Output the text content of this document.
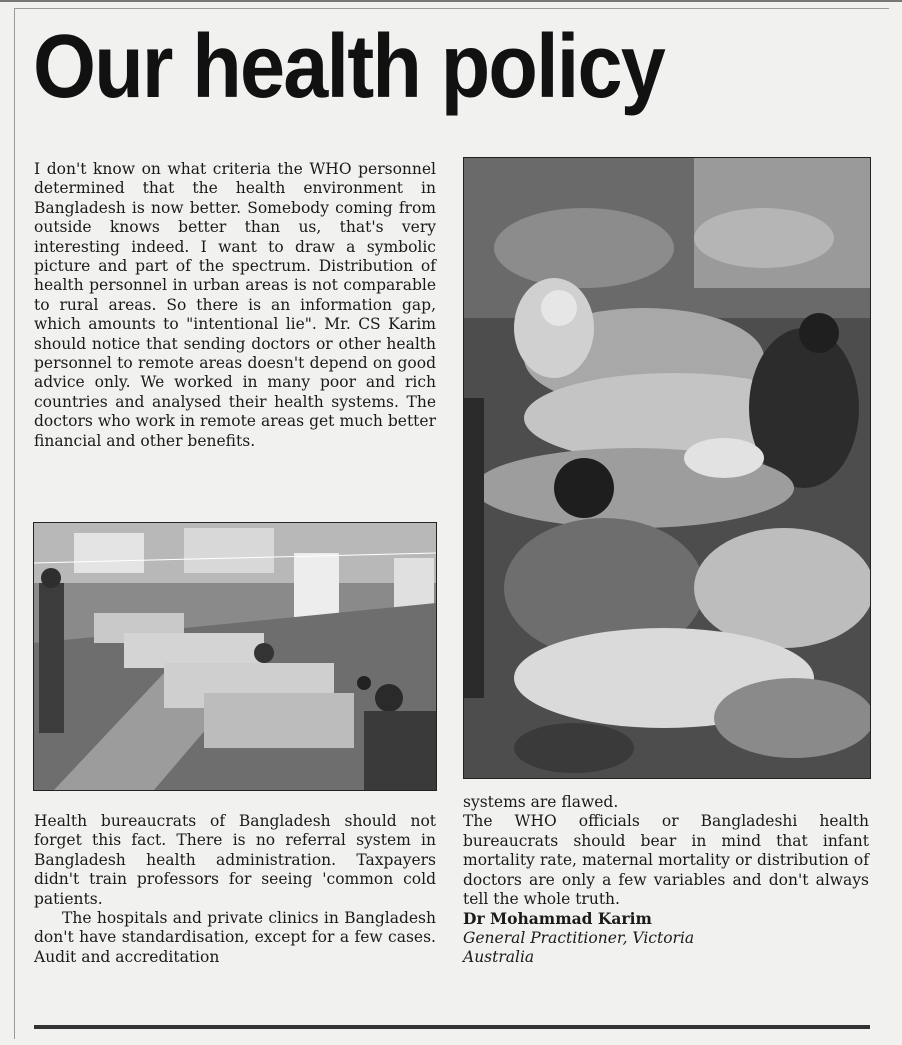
Our health policy

I don't know on what criteria the WHO personnel determined that the health environment in Bangladesh is now better. Somebody coming from outside knows better than us, that's very interesting indeed. I want to draw a symbolic picture and part of the spectrum. Distribution of health personnel in urban areas is not comparable to rural areas. So there is an information gap, which amounts to "intentional lie". Mr. CS Karim should notice that sending doctors or other health personnel to remote areas doesn't depend on good advice only. We worked in many poor and rich countries and analysed their health systems. The doctors who work in remote areas get much better financial and other benefits.

Health bureaucrats of Bangladesh should not forget this fact. There is no referral system in Bangladesh health administration. Taxpayers didn't train professors for seeing 'common cold patients.

The hospitals and private clinics in Bangladesh don't have standardisation, except for a few cases. Audit and accreditation

systems are flawed.

The WHO officials or Bangladeshi health bureaucrats should bear in mind that infant mortality rate, maternal mortality or distribution of doctors are only a few variables and don't always tell the whole truth.

Dr Mohammad Karim

General Practitioner, Victoria

Australia
